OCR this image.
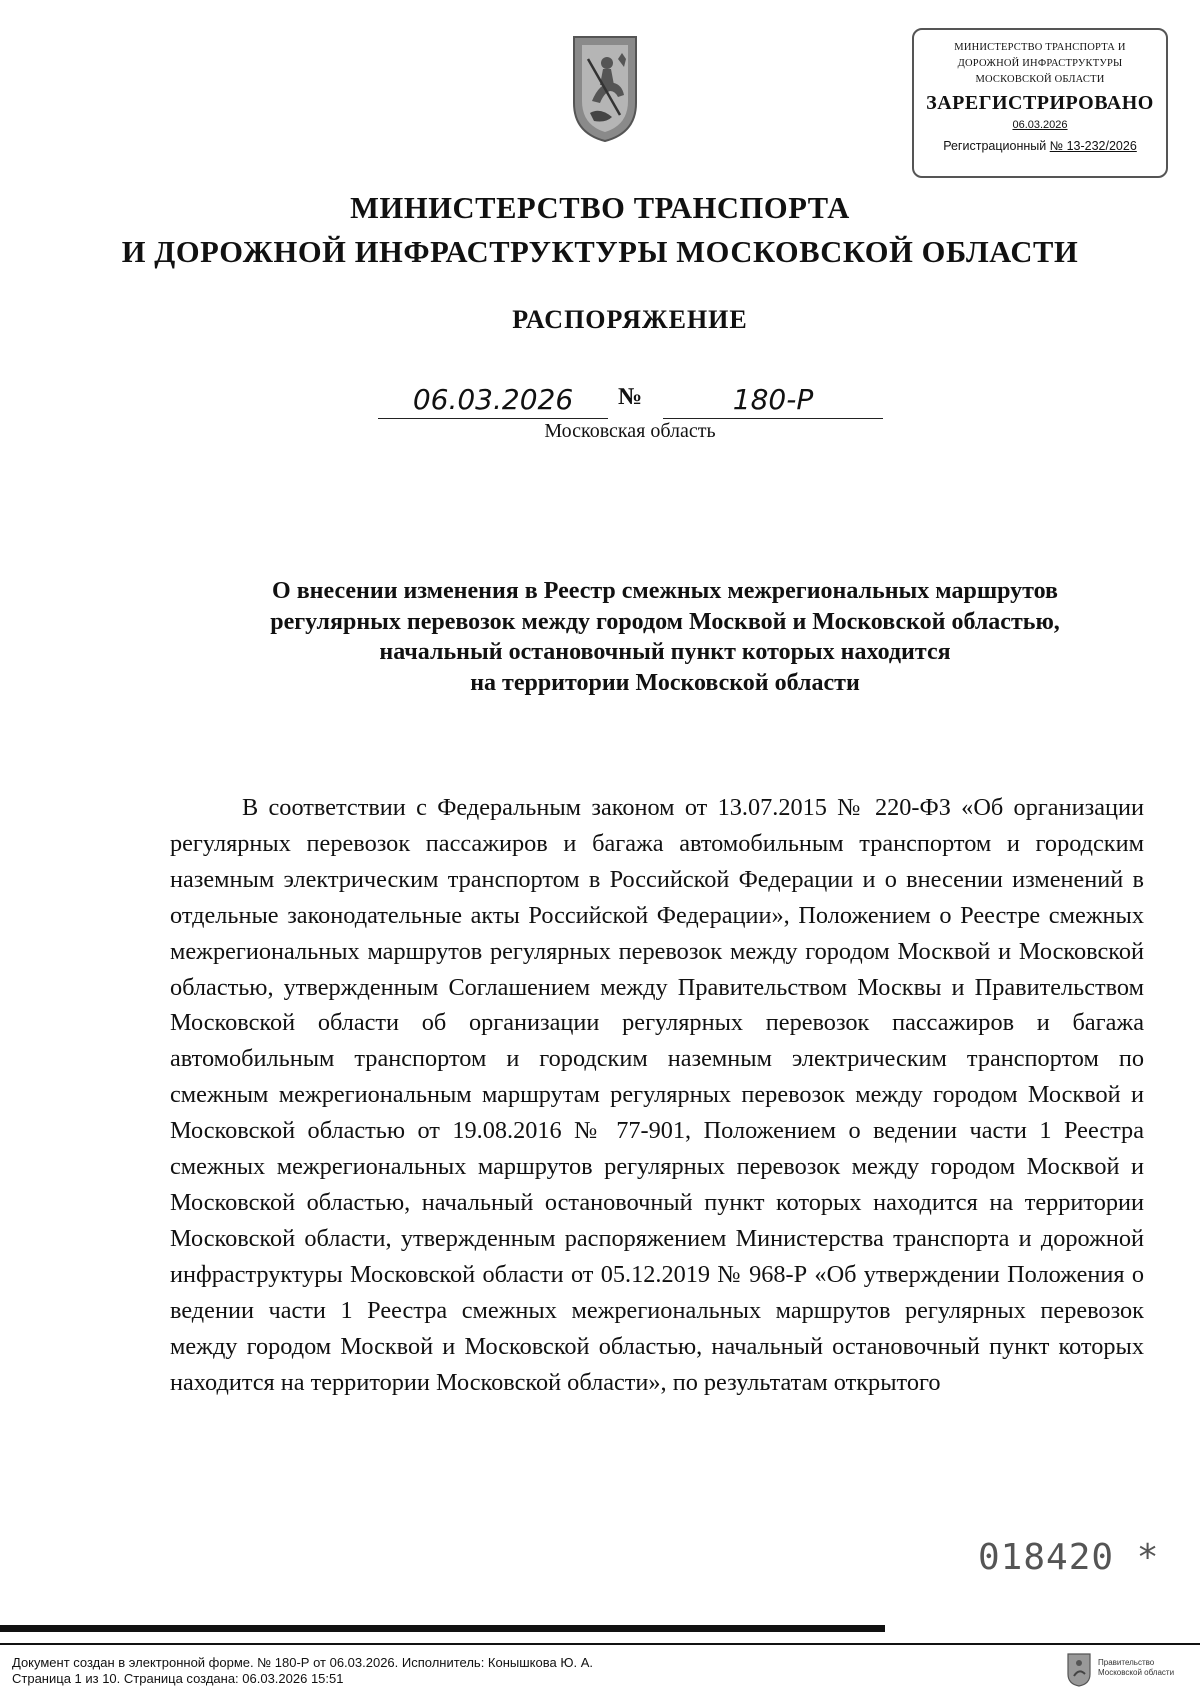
МИНИСТЕРСТВО ТРАНСПОРТА И
ДОРОЖНОЙ ИНФРАСТРУКТУРЫ
МОСКОВСКОЙ ОБЛАСТИ
ЗАРЕГИСТРИРОВАНО
06.03.2026
Регистрационный № 13-232/2026
МИНИСТЕРСТВО ТРАНСПОРТА
И ДОРОЖНОЙ ИНФРАСТРУКТУРЫ МОСКОВСКОЙ ОБЛАСТИ
РАСПОРЯЖЕНИЕ
06.03.2026	№	180-Р
Московская область
О внесении изменения в Реестр смежных межрегиональных маршрутов
регулярных перевозок между городом Москвой и Московской областью,
начальный остановочный пункт которых находится
на территории Московской области

В соответствии с Федеральным законом от 13.07.2015 № 220-ФЗ «Об организации регулярных перевозок пассажиров и багажа автомобильным транспортом и городским наземным электрическим транспортом в Российской Федерации и о внесении изменений в отдельные законодательные акты Российской Федерации», Положением о Реестре смежных межрегиональных маршрутов регулярных перевозок между городом Москвой и Московской областью, утвержденным Соглашением между Правительством Москвы и Правительством Московской области об организации регулярных перевозок пассажиров и багажа автомобильным транспортом и городским наземным электрическим транспортом по смежным межрегиональным маршрутам регулярных перевозок между городом Москвой и Московской областью от 19.08.2016 № 77-901, Положением о ведении части 1 Реестра смежных межрегиональных маршрутов регулярных перевозок между городом Москвой и Московской областью, начальный остановочный пункт которых находится на территории Московской области, утвержденным распоряжением Министерства транспорта и дорожной инфраструктуры Московской области от 05.12.2019 № 968-Р «Об утверждении Положения о ведении части 1 Реестра смежных межрегиональных маршрутов регулярных перевозок между городом Москвой и Московской областью, начальный остановочный пункт которых находится на территории Московской области», по результатам открытого

018420 *
Документ создан в электронной форме. № 180-Р от 06.03.2026. Исполнитель: Конышкова Ю. А.
Страница 1 из 10. Страница создана: 06.03.2026 15:51
Правительство
Московской области
